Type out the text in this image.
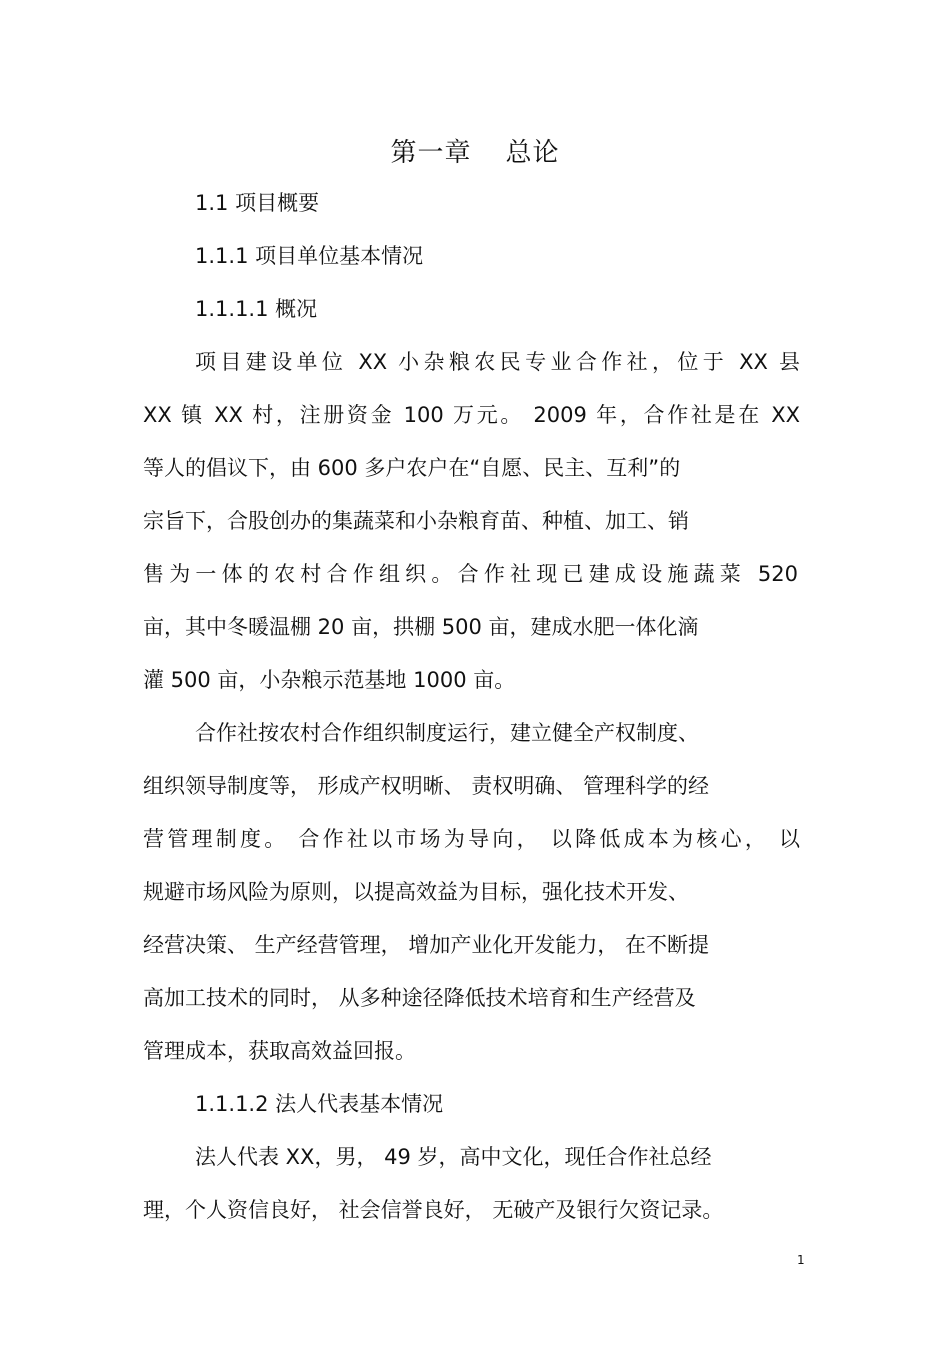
第一章 总论
1.1 项目概要
1.1.1 项目单位基本情况
1.1.1.1 概况
项目建设单位 XX 小杂粮农民专业合作社，位于 XX 县
XX 镇 XX 村，注册资金 100 万元。 2009 年，合作社是在 XX
等人的倡议下，由 600 多户农户在“自愿、民主、互利”的
宗旨下，合股创办的集蔬菜和小杂粮育苗、种植、加工、销
售为一体的农村合作组织。合作社现已建成设施蔬菜 520
亩，其中冬暖温棚 20 亩，拱棚 500 亩，建成水肥一体化滴
灌 500 亩，小杂粮示范基地 1000 亩。
合作社按农村合作组织制度运行，建立健全产权制度、
组织领导制度等， 形成产权明晰、 责权明确、 管理科学的经
营管理制度。 合作社以市场为导向， 以降低成本为核心， 以
规避市场风险为原则，以提高效益为目标，强化技术开发、
经营决策、 生产经营管理， 增加产业化开发能力， 在不断提
高加工技术的同时， 从多种途径降低技术培育和生产经营及
管理成本，获取高效益回报。
1.1.1.2 法人代表基本情况
法人代表 XX，男， 49 岁，高中文化，现任合作社总经
理，个人资信良好， 社会信誉良好， 无破产及银行欠资记录。
1
